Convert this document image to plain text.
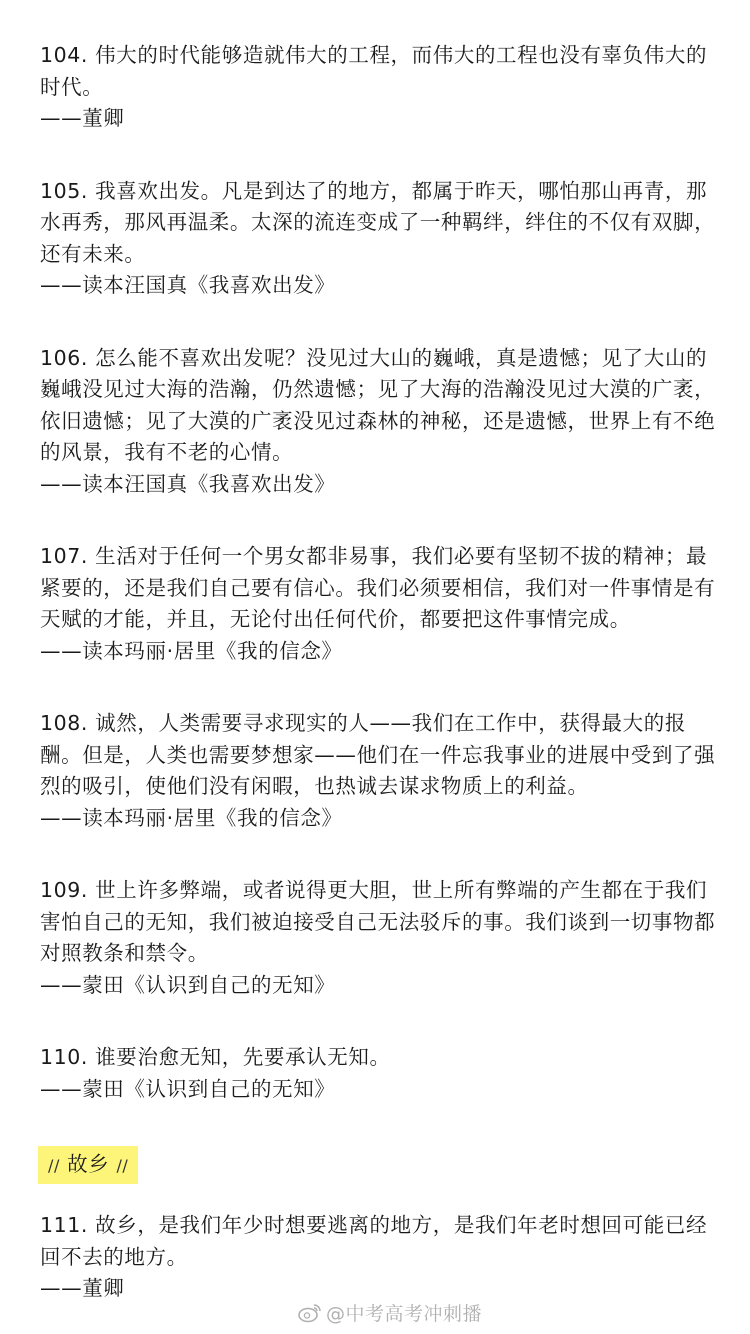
104. 伟大的时代能够造就伟大的工程，而伟大的工程也没有辜负伟大的时代。

——董卿

105. 我喜欢出发。凡是到达了的地方，都属于昨天，哪怕那山再青，那水再秀，那风再温柔。太深的流连变成了一种羁绊，绊住的不仅有双脚，还有未来。

——读本汪国真《我喜欢出发》

106. 怎么能不喜欢出发呢？没见过大山的巍峨，真是遗憾；见了大山的巍峨没见过大海的浩瀚，仍然遗憾；见了大海的浩瀚没见过大漠的广袤，依旧遗憾；见了大漠的广袤没见过森林的神秘，还是遗憾，世界上有不绝的风景，我有不老的心情。

——读本汪国真《我喜欢出发》

107. 生活对于任何一个男女都非易事，我们必要有坚韧不拔的精神；最紧要的，还是我们自己要有信心。我们必须要相信，我们对一件事情是有天赋的才能，并且，无论付出任何代价，都要把这件事情完成。

——读本玛丽·居里《我的信念》

108. 诚然，人类需要寻求现实的人——我们在工作中，获得最大的报酬。但是，人类也需要梦想家——他们在一件忘我事业的进展中受到了强烈的吸引，使他们没有闲暇，也热诚去谋求物质上的利益。

——读本玛丽·居里《我的信念》

109. 世上许多弊端，或者说得更大胆，世上所有弊端的产生都在于我们害怕自己的无知，我们被迫接受自己无法驳斥的事。我们谈到一切事物都对照教条和禁令。

——蒙田《认识到自己的无知》

110. 谁要治愈无知，先要承认无知。

——蒙田《认识到自己的无知》

// 故乡 //

111. 故乡，是我们年少时想要逃离的地方，是我们年老时想回可能已经回不去的地方。

——董卿

@中考高考冲刺播
